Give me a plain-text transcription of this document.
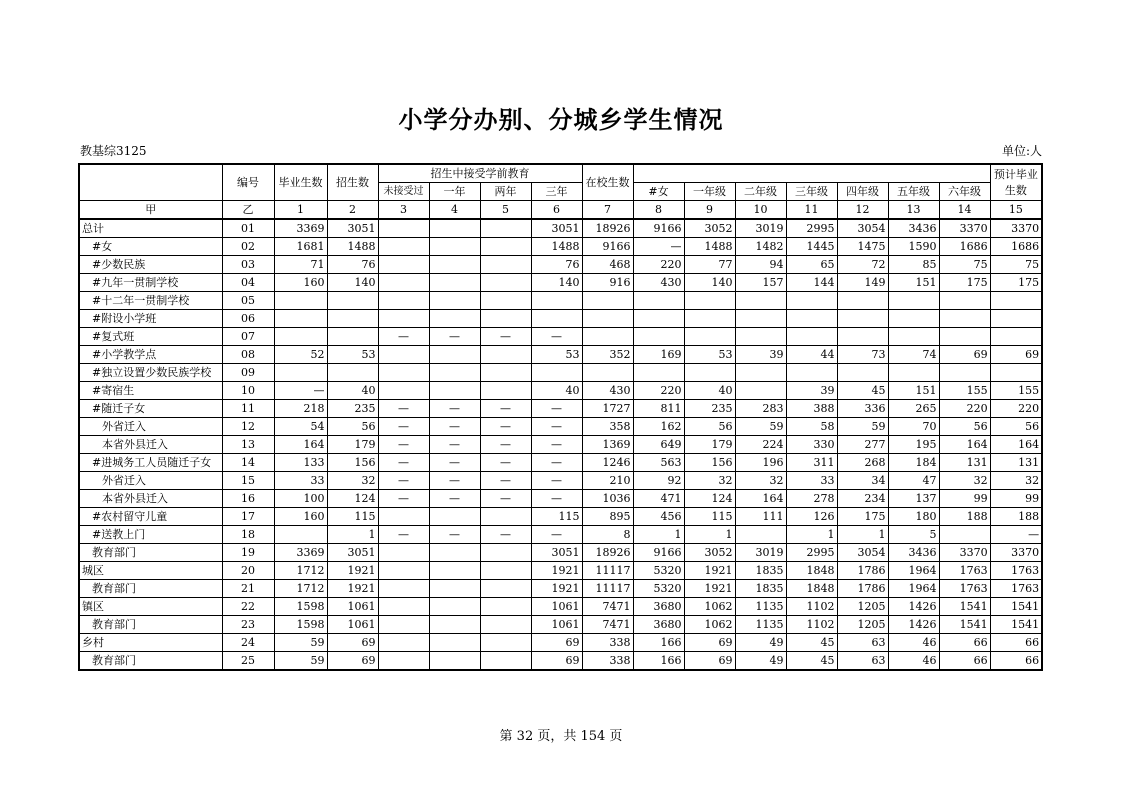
小学分办别、分城乡学生情况
教基综3125	单位:人
	编号	毕业生数	招生数	招生中接受学前教育				在校生数								预计毕业生数
				未接受过	一年	两年	三年		#女	一年级	二年级	三年级	四年级	五年级	六年级	
甲	乙	1	2	3	4	5	6	7	8	9	10	11	12	13	14	15
总计	01	3369	3051				3051	18926	9166	3052	3019	2995	3054	3436	3370	3370
#女	02	1681	1488				1488	9166	—	1488	1482	1445	1475	1590	1686	1686
#少数民族	03	71	76				76	468	220	77	94	65	72	85	75	75
#九年一贯制学校	04	160	140				140	916	430	140	157	144	149	151	175	175
#十二年一贯制学校	05															
#附设小学班	06															
#复式班	07			—	—	—	—									
#小学教学点	08	52	53				53	352	169	53	39	44	73	74	69	69
#独立设置少数民族学校	09															
#寄宿生	10	—	40				40	430	220	40		39	45	151	155	155
#随迁子女	11	218	235	—	—	—	—	1727	811	235	283	388	336	265	220	220
外省迁入	12	54	56	—	—	—	—	358	162	56	59	58	59	70	56	56
本省外县迁入	13	164	179	—	—	—	—	1369	649	179	224	330	277	195	164	164
#进城务工人员随迁子女	14	133	156	—	—	—	—	1246	563	156	196	311	268	184	131	131
外省迁入	15	33	32	—	—	—	—	210	92	32	32	33	34	47	32	32
本省外县迁入	16	100	124	—	—	—	—	1036	471	124	164	278	234	137	99	99
#农村留守儿童	17	160	115				115	895	456	115	111	126	175	180	188	188
#送教上门	18		1	—	—	—	—	8	1	1		1	1	5		—
教育部门	19	3369	3051				3051	18926	9166	3052	3019	2995	3054	3436	3370	3370
城区	20	1712	1921				1921	11117	5320	1921	1835	1848	1786	1964	1763	1763
教育部门	21	1712	1921				1921	11117	5320	1921	1835	1848	1786	1964	1763	1763
镇区	22	1598	1061				1061	7471	3680	1062	1135	1102	1205	1426	1541	1541
教育部门	23	1598	1061				1061	7471	3680	1062	1135	1102	1205	1426	1541	1541
乡村	24	59	69				69	338	166	69	49	45	63	46	66	66
教育部门	25	59	69				69	338	166	69	49	45	63	46	66	66
第 32 页，共 154 页
